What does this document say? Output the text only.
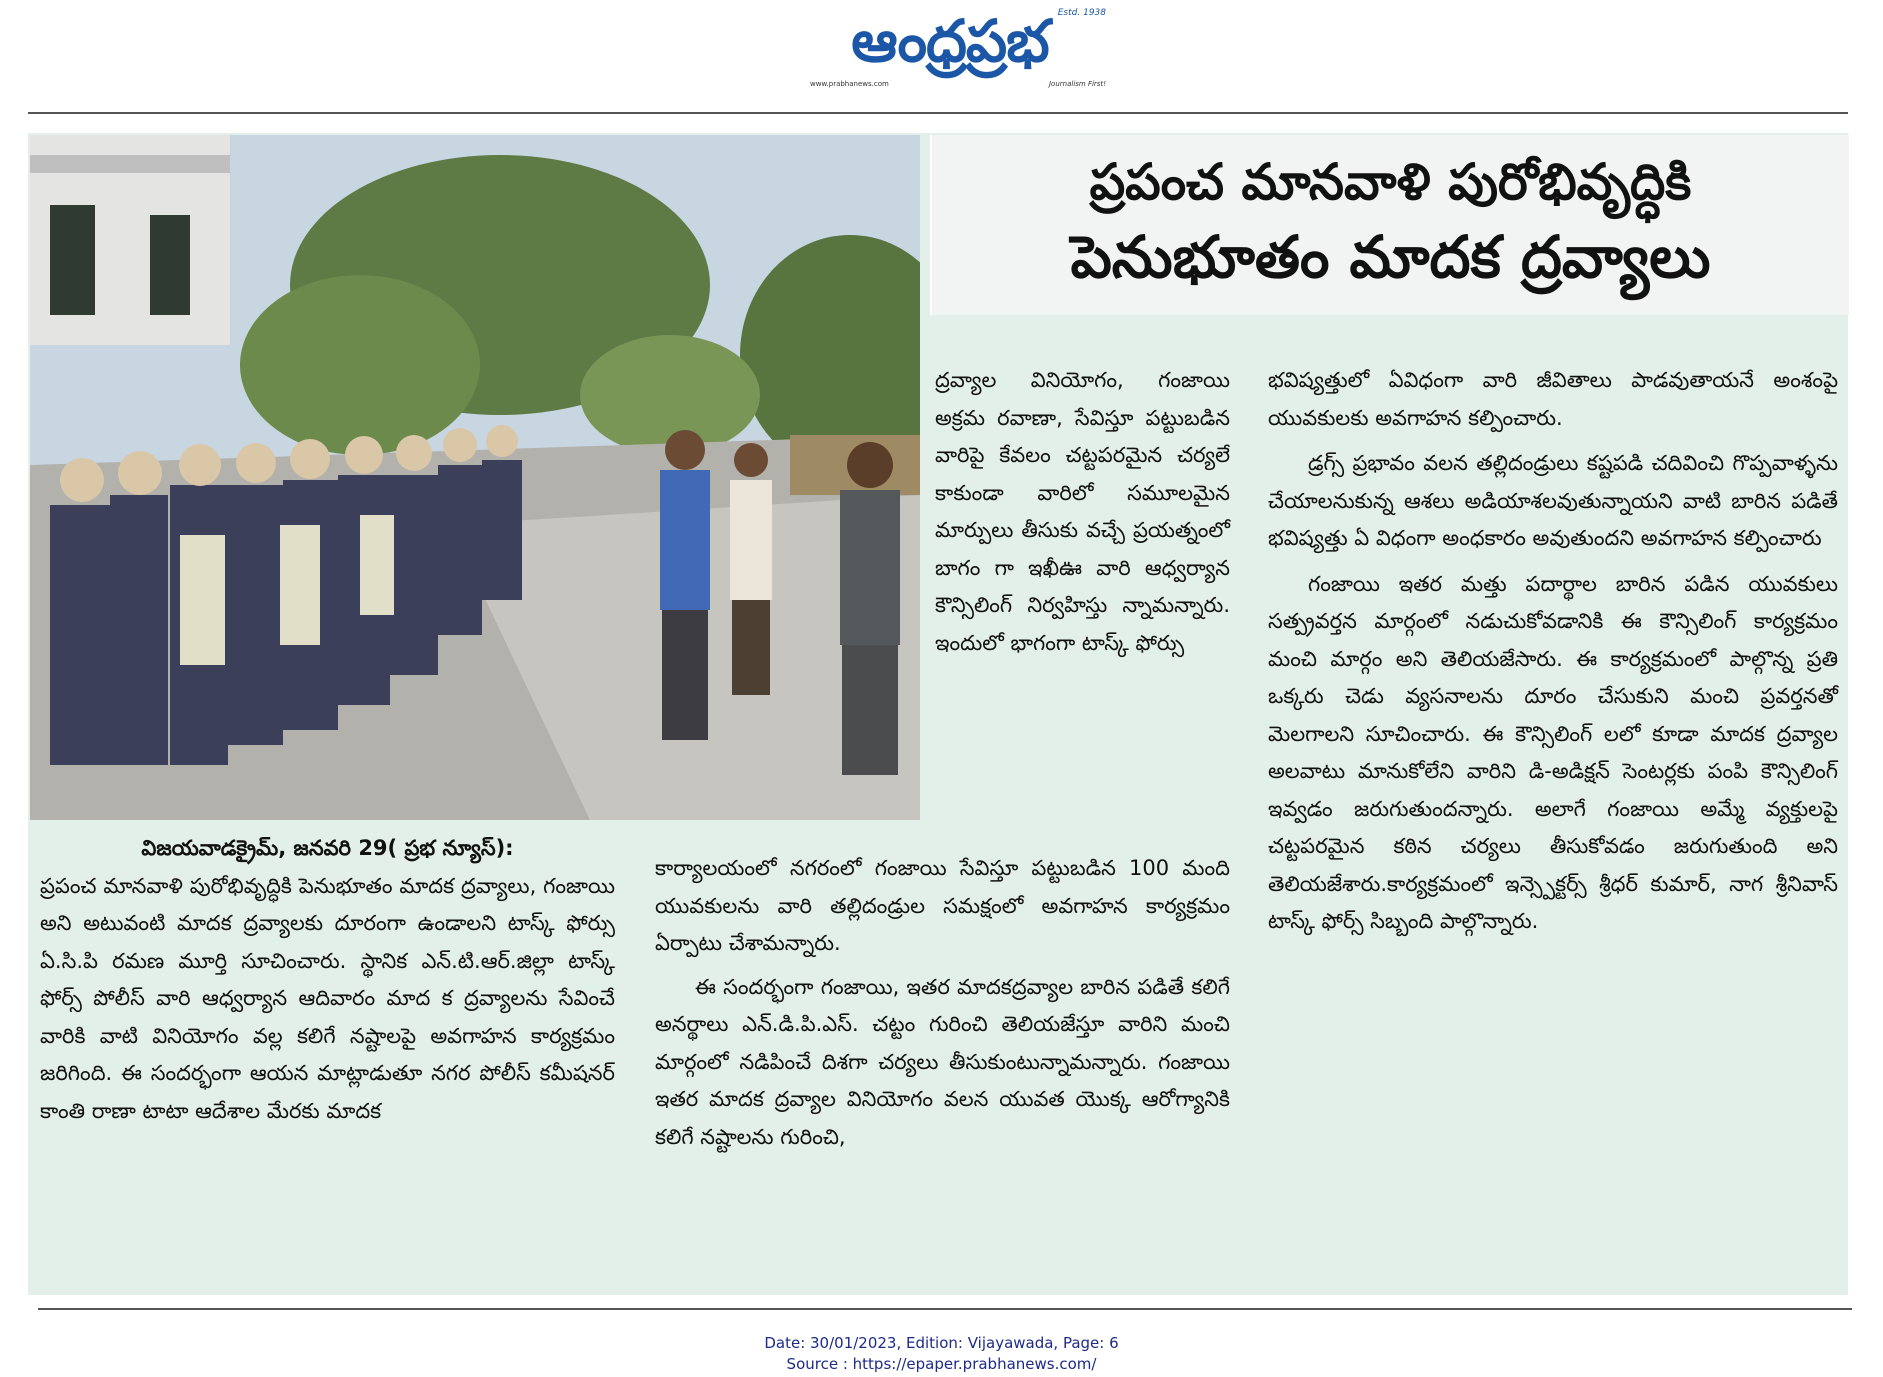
ఆంధ్రప్రభ	Estd. 1938
www.prabhanews.com	Journalism First!
ప్రపంచ మానవాళి పురోభివృద్ధికి
పెనుభూతం మాదక ద్రవ్యాలు

విజయవాడక్రైమ్, జనవరి 29( ప్రభ న్యూస్):

ప్రపంచ మానవాళి పురోభివృద్ధికి పెనుభూతం మాదక ద్రవ్యాలు, గంజాయి అని అటువంటి మాదక ద్రవ్యాలకు దూరంగా ఉండాలని టాస్క్ ఫోర్సు ఏ.సి.పి రమణ మూర్తి సూచించారు. స్థానిక ఎన్.టి.ఆర్.జిల్లా టాస్క్ ఫోర్స్ పోలీస్ వారి ఆధ్వర్యాన ఆదివారం మాద క ద్రవ్యాలను సేవించే వారికి వాటి వినియోగం వల్ల కలిగే నష్టాలపై అవగాహన కార్యక్రమం జరిగింది. ఈ సందర్భంగా ఆయన మాట్లాడుతూ నగర పోలీస్ కమీషనర్ కాంతి రాణా టాటా ఆదేశాల మేరకు మాదక

ద్రవ్యాల వినియోగం, గంజాయి అక్రమ రవాణా, సేవిస్తూ పట్టుబడిన వారిపై కేవలం చట్టపరమైన చర్యలే కాకుండా వారిలో సమూలమైన మార్పులు తీసుకు వచ్చే ప్రయత్నంలో బాగం గా ఇఖీఊ వారి ఆధ్వర్యాన కౌన్సిలింగ్ నిర్వహిస్తు న్నామన్నారు. ఇందులో భాగంగా టాస్క్ ఫోర్సు

కార్యాలయంలో నగరంలో గంజాయి సేవిస్తూ పట్టుబడిన 100 మంది యువకులను వారి తల్లిదండ్రుల సమక్షంలో అవగాహన కార్యక్రమం ఏర్పాటు చేశామన్నారు.

ఈ సందర్భంగా గంజాయి, ఇతర మాదకద్రవ్యాల బారిన పడితే కలిగే అనర్థాలు ఎన్.డి.పి.ఎస్. చట్టం గురించి తెలియజేస్తూ వారిని మంచి మార్గంలో నడిపించే దిశగా చర్యలు తీసుకుంటున్నామన్నారు. గంజాయి ఇతర మాదక ద్రవ్యాల వినియోగం వలన యువత యొక్క ఆరోగ్యానికి కలిగే నష్టాలను గురించి,

భవిష్యత్తులో ఏవిధంగా వారి జీవితాలు పాడవుతాయనే అంశంపై యువకులకు అవగాహన కల్పించారు.

డ్రగ్స్ ప్రభావం వలన తల్లిదండ్రులు కష్టపడి చదివించి గొప్పవాళ్ళను చేయాలనుకున్న ఆశలు అడియాశలవుతున్నాయని వాటి బారిన పడితే భవిష్యత్తు ఏ విధంగా అంధకారం అవుతుందని అవగాహన కల్పించారు

గంజాయి ఇతర మత్తు పదార్థాల బారిన పడిన యువకులు సత్ప్రవర్తన మార్గంలో నడుచుకోవడానికి ఈ కౌన్సిలింగ్ కార్యక్రమం మంచి మార్గం అని తెలియజేసారు. ఈ కార్యక్రమంలో పాల్గొన్న ప్రతి ఒక్కరు చెడు వ్యసనాలను దూరం చేసుకుని మంచి ప్రవర్తనతో మెలగాలని సూచించారు. ఈ కౌన్సిలింగ్ లలో కూడా మాదక ద్రవ్యాల అలవాటు మానుకోలేని వారిని డి-అడిక్షన్ సెంటర్లకు పంపి కౌన్సిలింగ్ ఇవ్వడం జరుగుతుందన్నారు. అలాగే గంజాయి అమ్మే వ్యక్తులపై చట్టపరమైన కఠిన చర్యలు తీసుకోవడం జరుగుతుంది అని తెలియజేశారు.కార్యక్రమంలో ఇన్స్పెక్టర్స్ శ్రీధర్ కుమార్, నాగ శ్రీనివాస్ టాస్క్ ఫోర్స్ సిబ్బంది పాల్గొన్నారు.

Date: 30/01/2023, Edition: Vijayawada, Page: 6
Source : https://epaper.prabhanews.com/
